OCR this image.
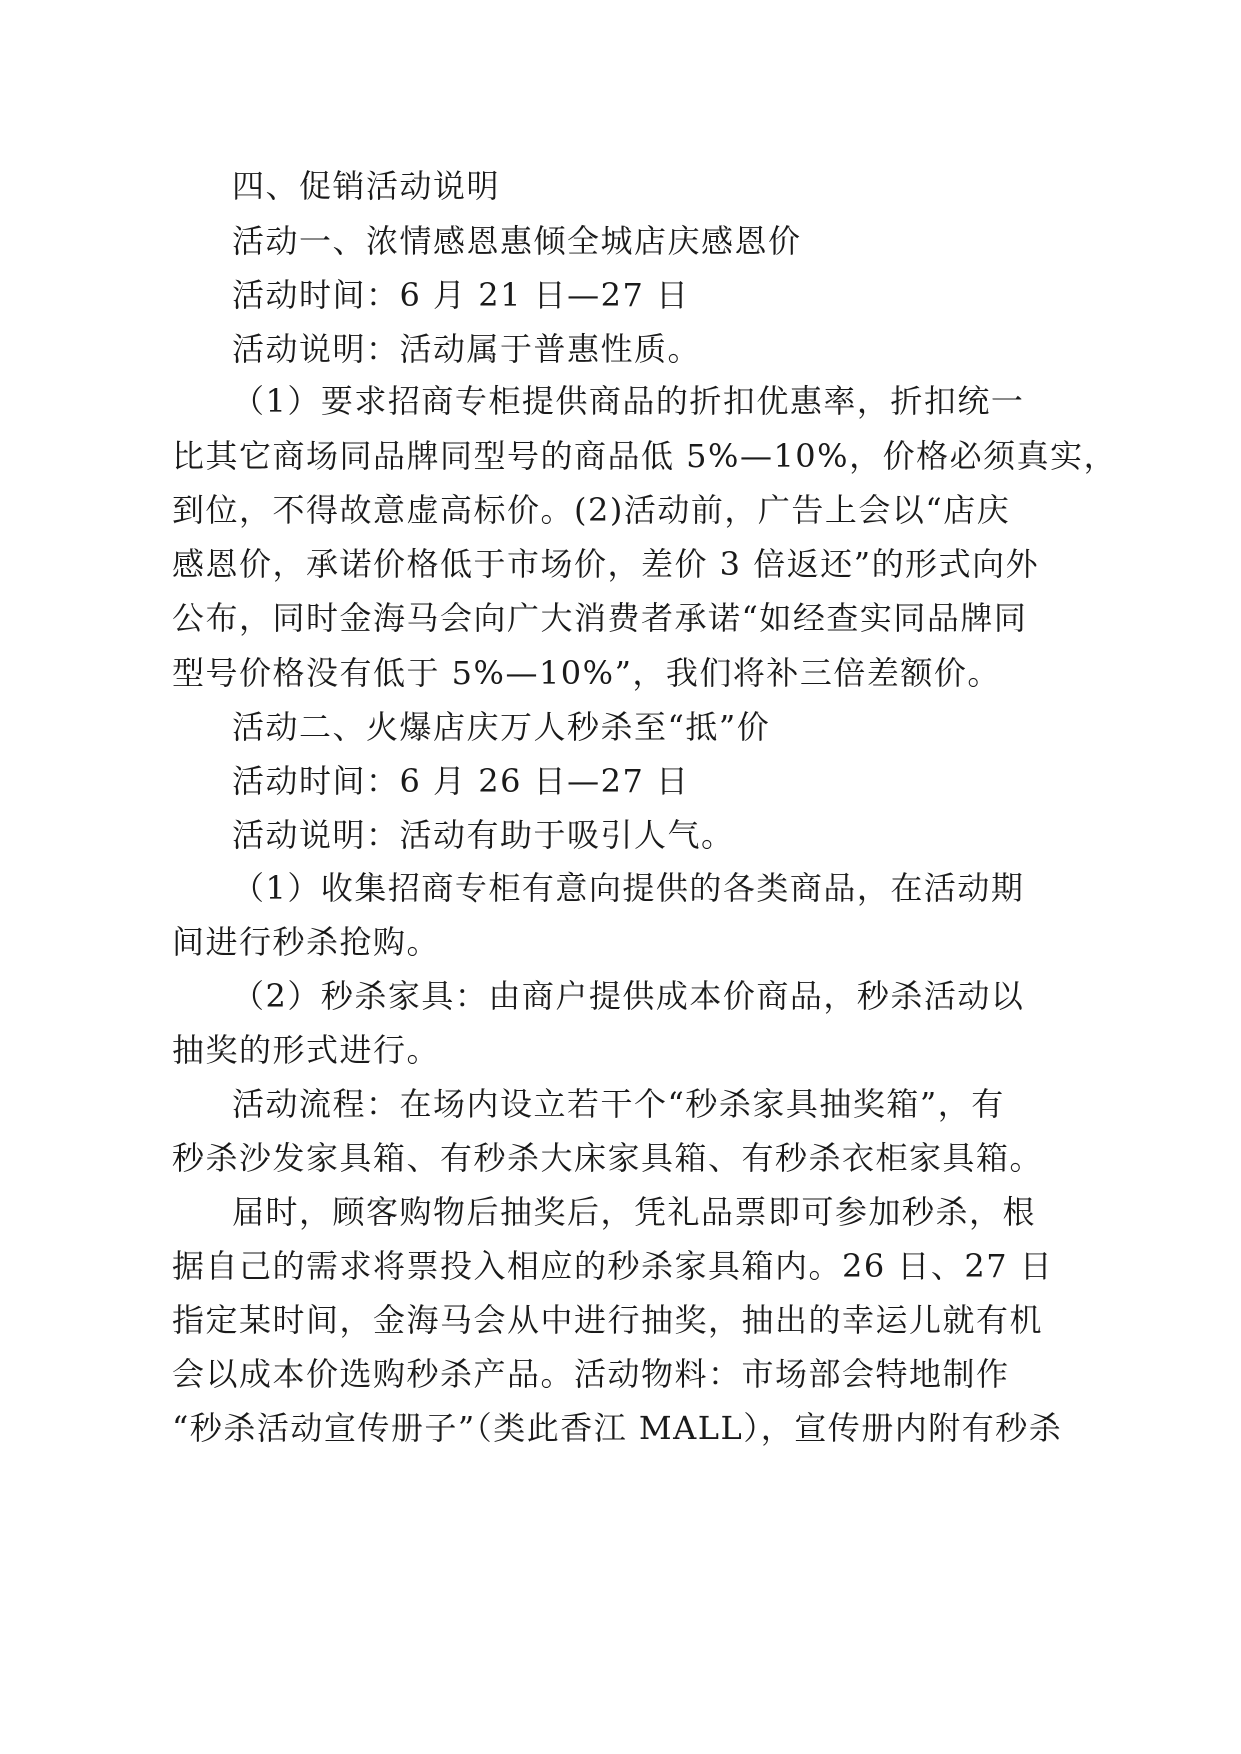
四、促销活动说明
活动一、浓情感恩惠倾全城店庆感恩价
活动时间：6 月 21 日—27 日
活动说明：活动属于普惠性质。
（1）要求招商专柜提供商品的折扣优惠率，折扣统一
比其它商场同品牌同型号的商品低 5%—10%，价格必须真实，
到位，不得故意虚高标价。(2)活动前，广告上会以“店庆
感恩价，承诺价格低于市场价，差价 3 倍返还”的形式向外
公布，同时金海马会向广大消费者承诺“如经查实同品牌同
型号价格没有低于 5%—10%”，我们将补三倍差额价。
活动二、火爆店庆万人秒杀至“抵”价
活动时间：6 月 26 日—27 日
活动说明：活动有助于吸引人气。
（1）收集招商专柜有意向提供的各类商品，在活动期
间进行秒杀抢购。
（2）秒杀家具：由商户提供成本价商品，秒杀活动以
抽奖的形式进行。
活动流程：在场内设立若干个“秒杀家具抽奖箱”，有
秒杀沙发家具箱、有秒杀大床家具箱、有秒杀衣柜家具箱。
届时，顾客购物后抽奖后，凭礼品票即可参加秒杀，根
据自己的需求将票投入相应的秒杀家具箱内。26 日、27 日
指定某时间，金海马会从中进行抽奖，抽出的幸运儿就有机
会以成本价选购秒杀产品。活动物料：市场部会特地制作
“秒杀活动宣传册子”（类此香江 MALL），宣传册内附有秒杀
